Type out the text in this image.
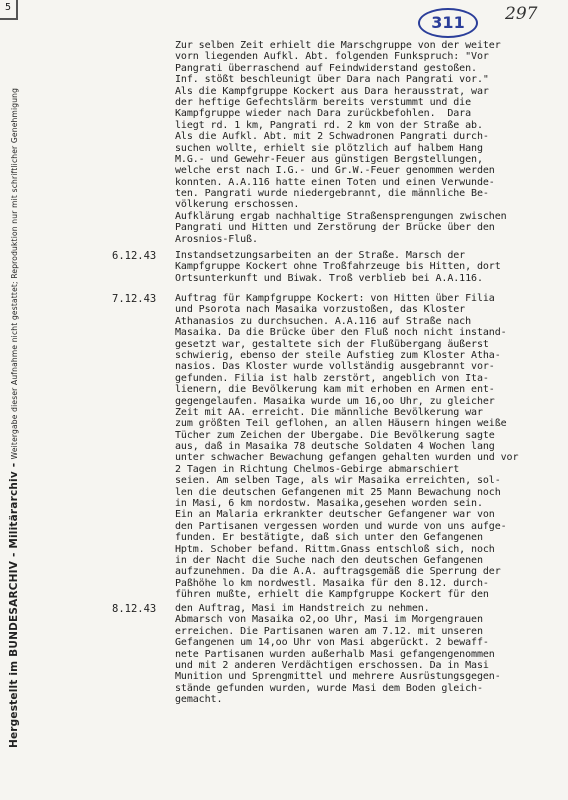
5
311	297
Hergestellt im BUNDESARCHIV - Militärarchiv - Weitergabe dieser Aufnahme nicht gestattet; Reproduktion nur mit schriftlicher Genehmigung
Zur selben Zeit erhielt die Marschgruppe von der weiter
vorn liegenden Aufkl. Abt. folgenden Funkspruch: "Vor
Pangrati überraschend auf Feindwiderstand gestoßen.
Inf. stößt beschleunigt über Dara nach Pangrati vor."
Als die Kampfgruppe Kockert aus Dara herausstrat, war
der heftige Gefechtslärm bereits verstummt und die
Kampfgruppe wieder nach Dara zurückbefohlen.  Dara
liegt rd. 1 km, Pangrati rd. 2 km von der Straße ab.
Als die Aufkl. Abt. mit 2 Schwadronen Pangrati durch-
suchen wollte, erhielt sie plötzlich auf halbem Hang
M.G.- und Gewehr-Feuer aus günstigen Bergstellungen,
welche erst nach I.G.- und Gr.W.-Feuer genommen werden
konnten. A.A.116 hatte einen Toten und einen Verwunde-
ten. Pangrati wurde niedergebrannt, die männliche Be-
völkerung erschossen.
Aufklärung ergab nachhaltige Straßensprengungen zwischen
Pangrati und Hitten und Zerstörung der Brücke über den
Arosnios-Fluß.
6.12.43 Instandsetzungsarbeiten an der Straße. Marsch der
Kampfgruppe Kockert ohne Troßfahrzeuge bis Hitten, dort
Ortsunterkunft und Biwak. Troß verblieb bei A.A.116.
7.12.43 Auftrag für Kampfgruppe Kockert: von Hitten über Filia
und Psorota nach Masaika vorzustoßen, das Kloster
Athanasios zu durchsuchen. A.A.116 auf Straße nach
Masaika. Da die Brücke über den Fluß noch nicht instand-
gesetzt war, gestaltete sich der Flußübergang äußerst
schwierig, ebenso der steile Aufstieg zum Kloster Atha-
nasios. Das Kloster wurde vollständig ausgebrannt vor-
gefunden. Filia ist halb zerstört, angeblich von Ita-
lienern, die Bevölkerung kam mit erhoben en Armen ent-
gegengelaufen. Masaika wurde um 16,oo Uhr, zu gleicher
Zeit mit AA. erreicht. Die männliche Bevölkerung war
zum größten Teil geflohen, an allen Häusern hingen weiße
Tücher zum Zeichen der Übergabe. Die Bevölkerung sagte
aus, daß in Masaika 78 deutsche Soldaten 4 Wochen lang
unter schwacher Bewachung gefangen gehalten wurden und vor
2 Tagen in Richtung Chelmos-Gebirge abmarschiert
seien. Am selben Tage, als wir Masaika erreichten, sol-
len die deutschen Gefangenen mit 25 Mann Bewachung noch
in Masi, 6 km nordostw. Masaika,gesehen worden sein.
Ein an Malaria erkrankter deutscher Gefangener war von
den Partisanen vergessen worden und wurde von uns aufge-
funden. Er bestätigte, daß sich unter den Gefangenen
Hptm. Schober befand. Rittm.Gnass entschloß sich, noch
in der Nacht die Suche nach den deutschen Gefangenen
aufzunehmen. Da die A.A. auftragsgemäß die Sperrung der
Paßhöhe lo km nordwestl. Masaika für den 8.12. durch-
führen mußte, erhielt die Kampfgruppe Kockert für den
8.12.43 den Auftrag, Masi im Handstreich zu nehmen.
Abmarsch von Masaika o2,oo Uhr, Masi im Morgengrauen
erreichen. Die Partisanen waren am 7.12. mit unseren
Gefangenen um 14,oo Uhr von Masi abgerückt. 2 bewaff-
nete Partisanen wurden außerhalb Masi gefangengenommen
und mit 2 anderen Verdächtigen erschossen. Da in Masi
Munition und Sprengmittel und mehrere Ausrüstungsgegen-
stände gefunden wurden, wurde Masi dem Boden gleich-
gemacht.
